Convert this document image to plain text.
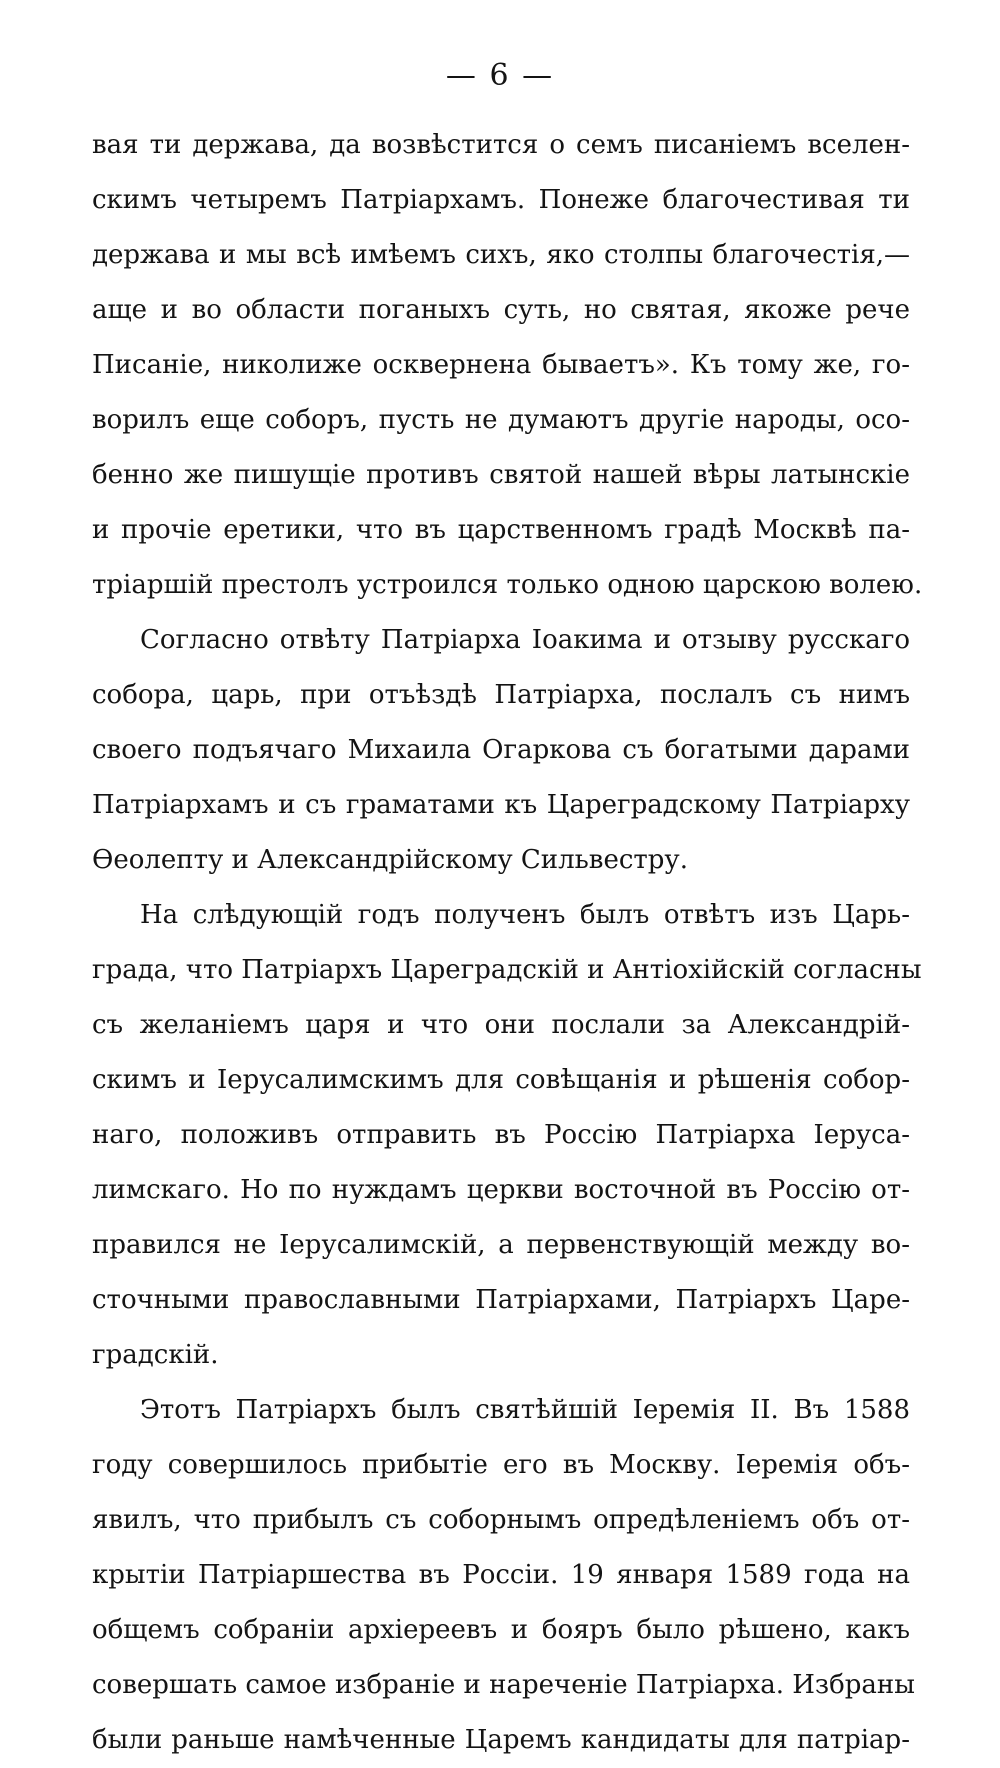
— 6 —
вая ти держава, да возвѣстится о семъ писаніемъ вселен-
скимъ четыремъ Патріархамъ. Понеже благочестивая ти
держава и мы всѣ имѣемъ сихъ, яко столпы благочестія,—
аще и во области поганыхъ суть, но святая, якоже рече
Писаніе, николиже осквернена бываетъ». Къ тому же, го-
ворилъ еще соборъ, пусть не думаютъ другіе народы, осо-
бенно же пишущіе противъ святой нашей вѣры латынскіе
и прочіе еретики, что въ царственномъ градѣ Москвѣ па-
тріаршій престолъ устроился только одною царскою волею.
Согласно отвѣту Патріарха Іоакима и отзыву русскаго
собора, царь, при отъѣздѣ Патріарха, послалъ съ нимъ
своего подъячаго Михаила Огаркова съ богатыми дарами
Патріархамъ и съ граматами къ Цареградскому Патріарху
Ѳеолепту и Александрійскому Сильвестру.
На слѣдующій годъ полученъ былъ отвѣтъ изъ Царь-
града, что Патріархъ Цареградскій и Антіохійскій согласны
съ желаніемъ царя и что они послали за Александрій-
скимъ и Іерусалимскимъ для совѣщанія и рѣшенія собор-
наго, положивъ отправить въ Россію Патріарха Іеруса-
лимскаго. Но по нуждамъ церкви восточной въ Россію от-
правился не Іерусалимскій, а первенствующій между во-
сточными православными Патріархами, Патріархъ Царе-
градскій.
Этотъ Патріархъ былъ святѣйшій Іеремія II. Въ 1588
году совершилось прибытіе его въ Москву. Іеремія объ-
явилъ, что прибылъ съ соборнымъ опредѣленіемъ объ от-
крытіи Патріаршества въ Россіи. 19 января 1589 года на
общемъ собраніи архіереевъ и бояръ было рѣшено, какъ
совершать самое избраніе и нареченіе Патріарха. Избраны
были раньше намѣченные Царемъ кандидаты для патріар-
